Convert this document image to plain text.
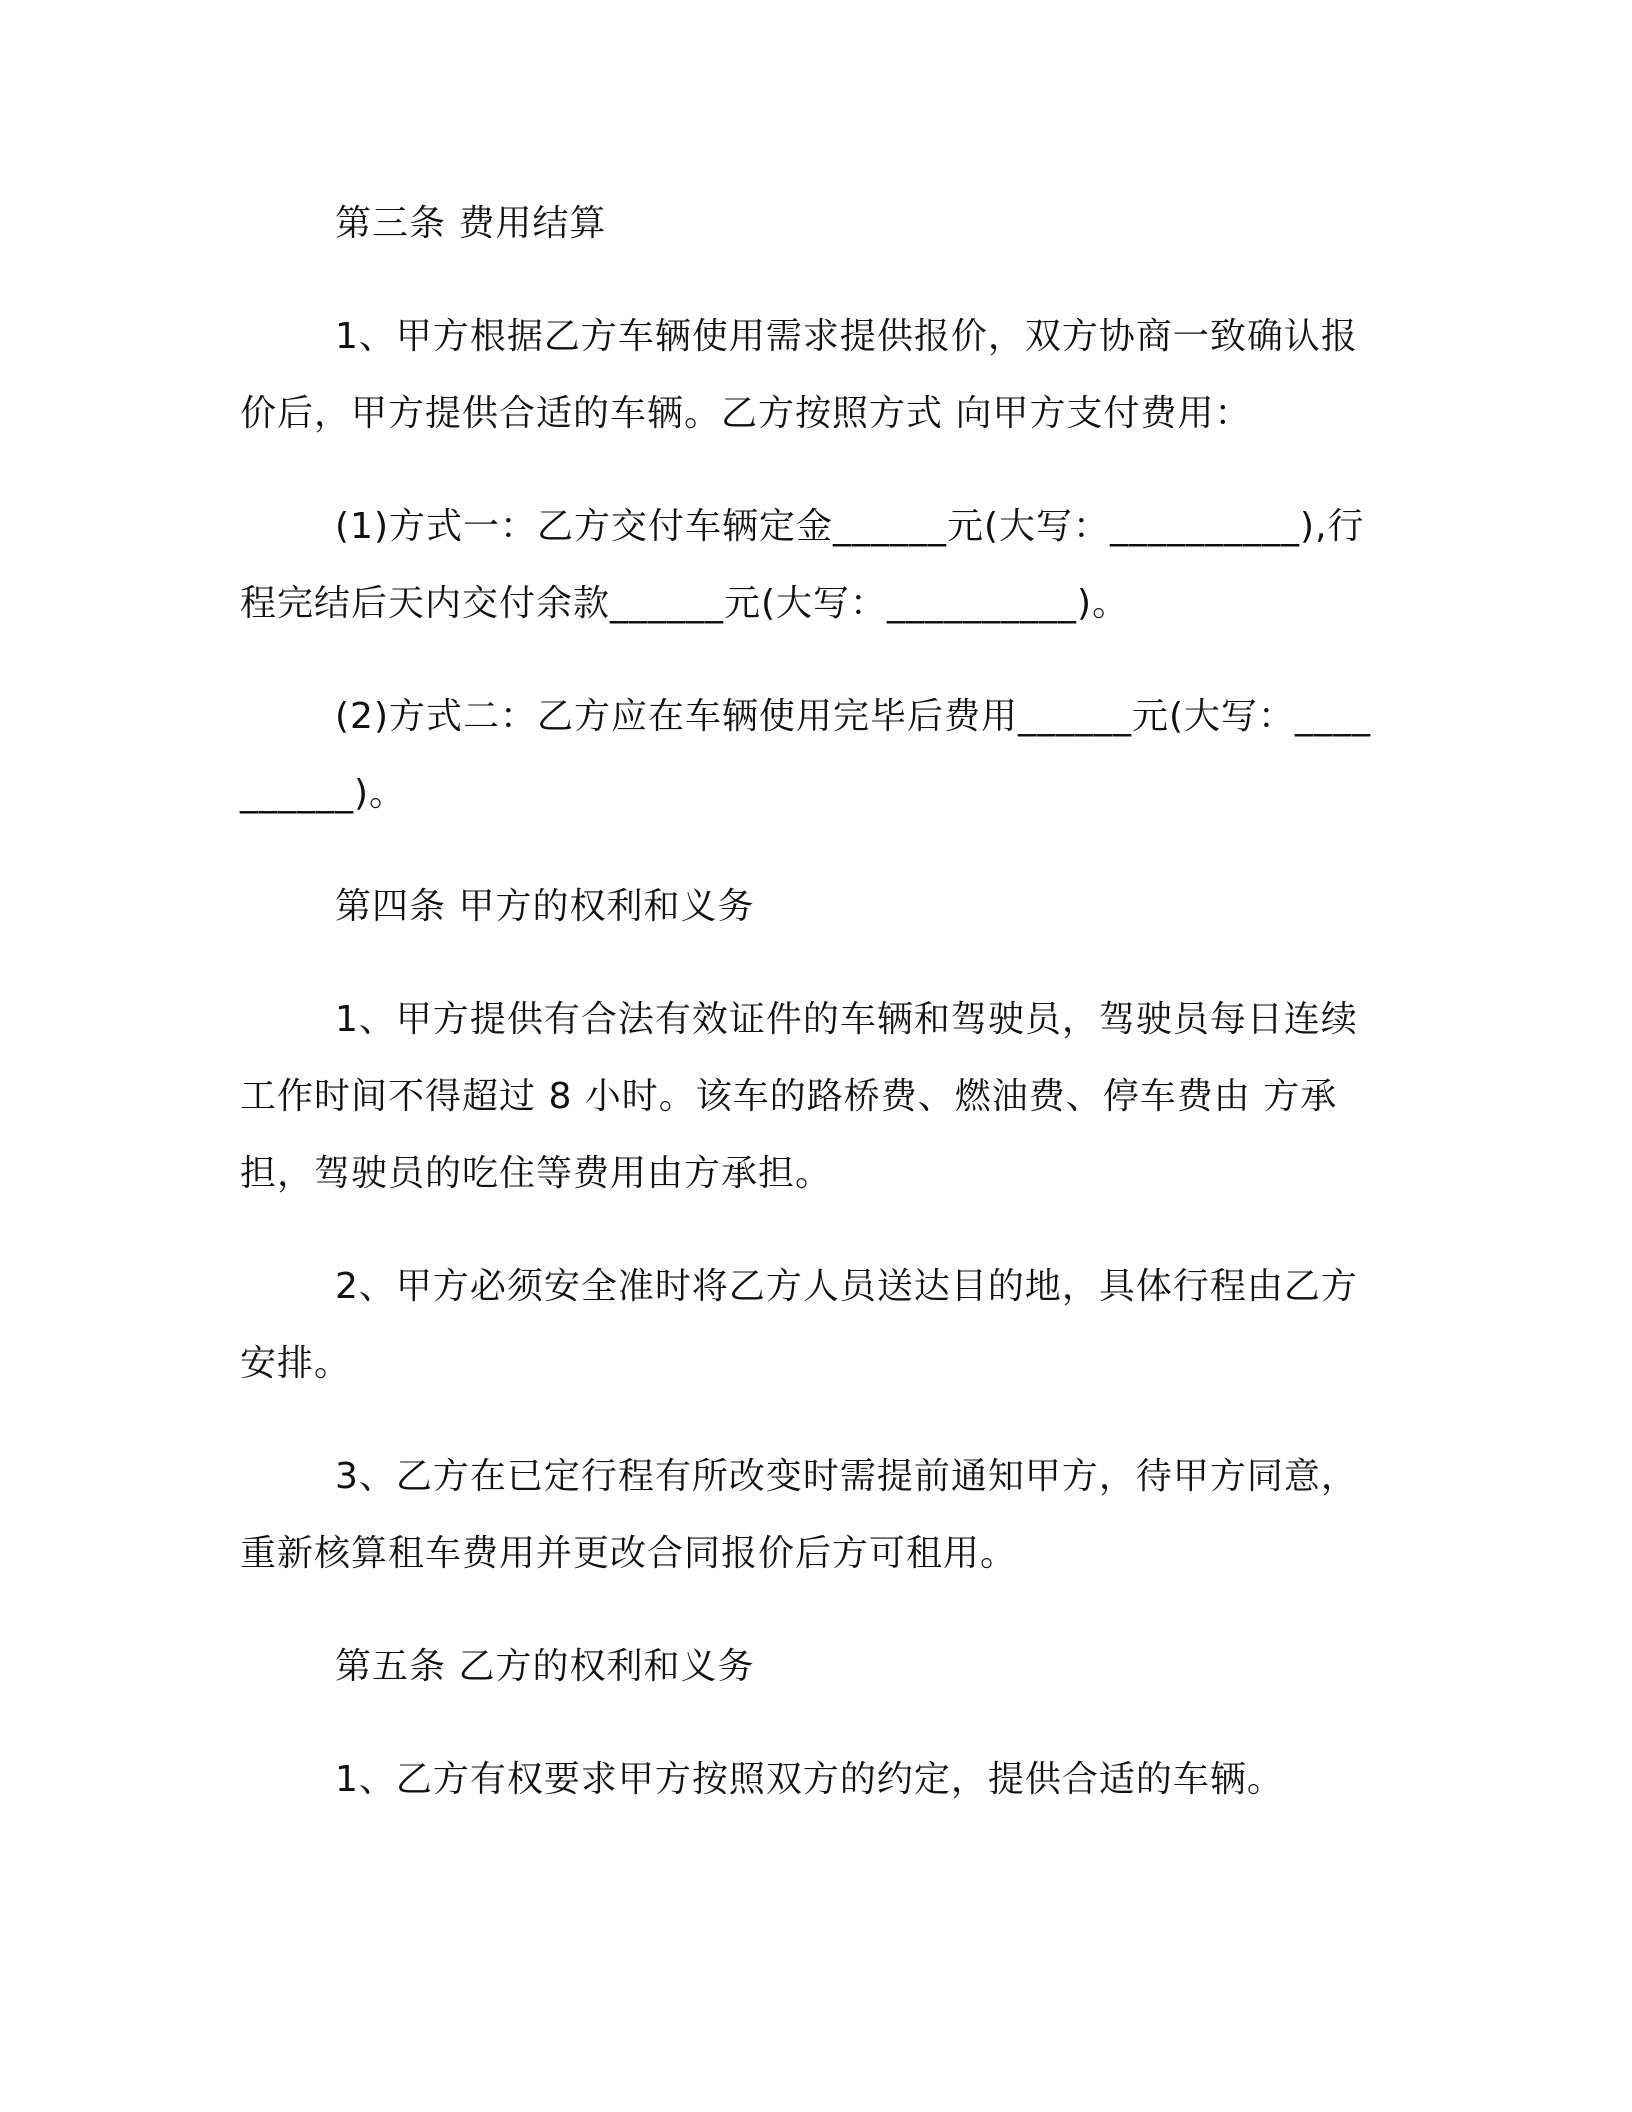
第三条 费用结算

1、甲方根据乙方车辆使用需求提供报价，双方协商一致确认报价后，甲方提供合适的车辆。乙方按照方式 向甲方支付费用：

(1)方式一：乙方交付车辆定金______元(大写：__________),行程完结后天内交付余款______元(大写：__________)。

(2)方式二：乙方应在车辆使用完毕后费用______元(大写：__________)。

第四条 甲方的权利和义务

1、甲方提供有合法有效证件的车辆和驾驶员，驾驶员每日连续工作时间不得超过 8 小时。该车的路桥费、燃油费、停车费由 方承担，驾驶员的吃住等费用由方承担。

2、甲方必须安全准时将乙方人员送达目的地，具体行程由乙方安排。

3、乙方在已定行程有所改变时需提前通知甲方，待甲方同意，重新核算租车费用并更改合同报价后方可租用。

第五条 乙方的权利和义务

1、乙方有权要求甲方按照双方的约定，提供合适的车辆。
